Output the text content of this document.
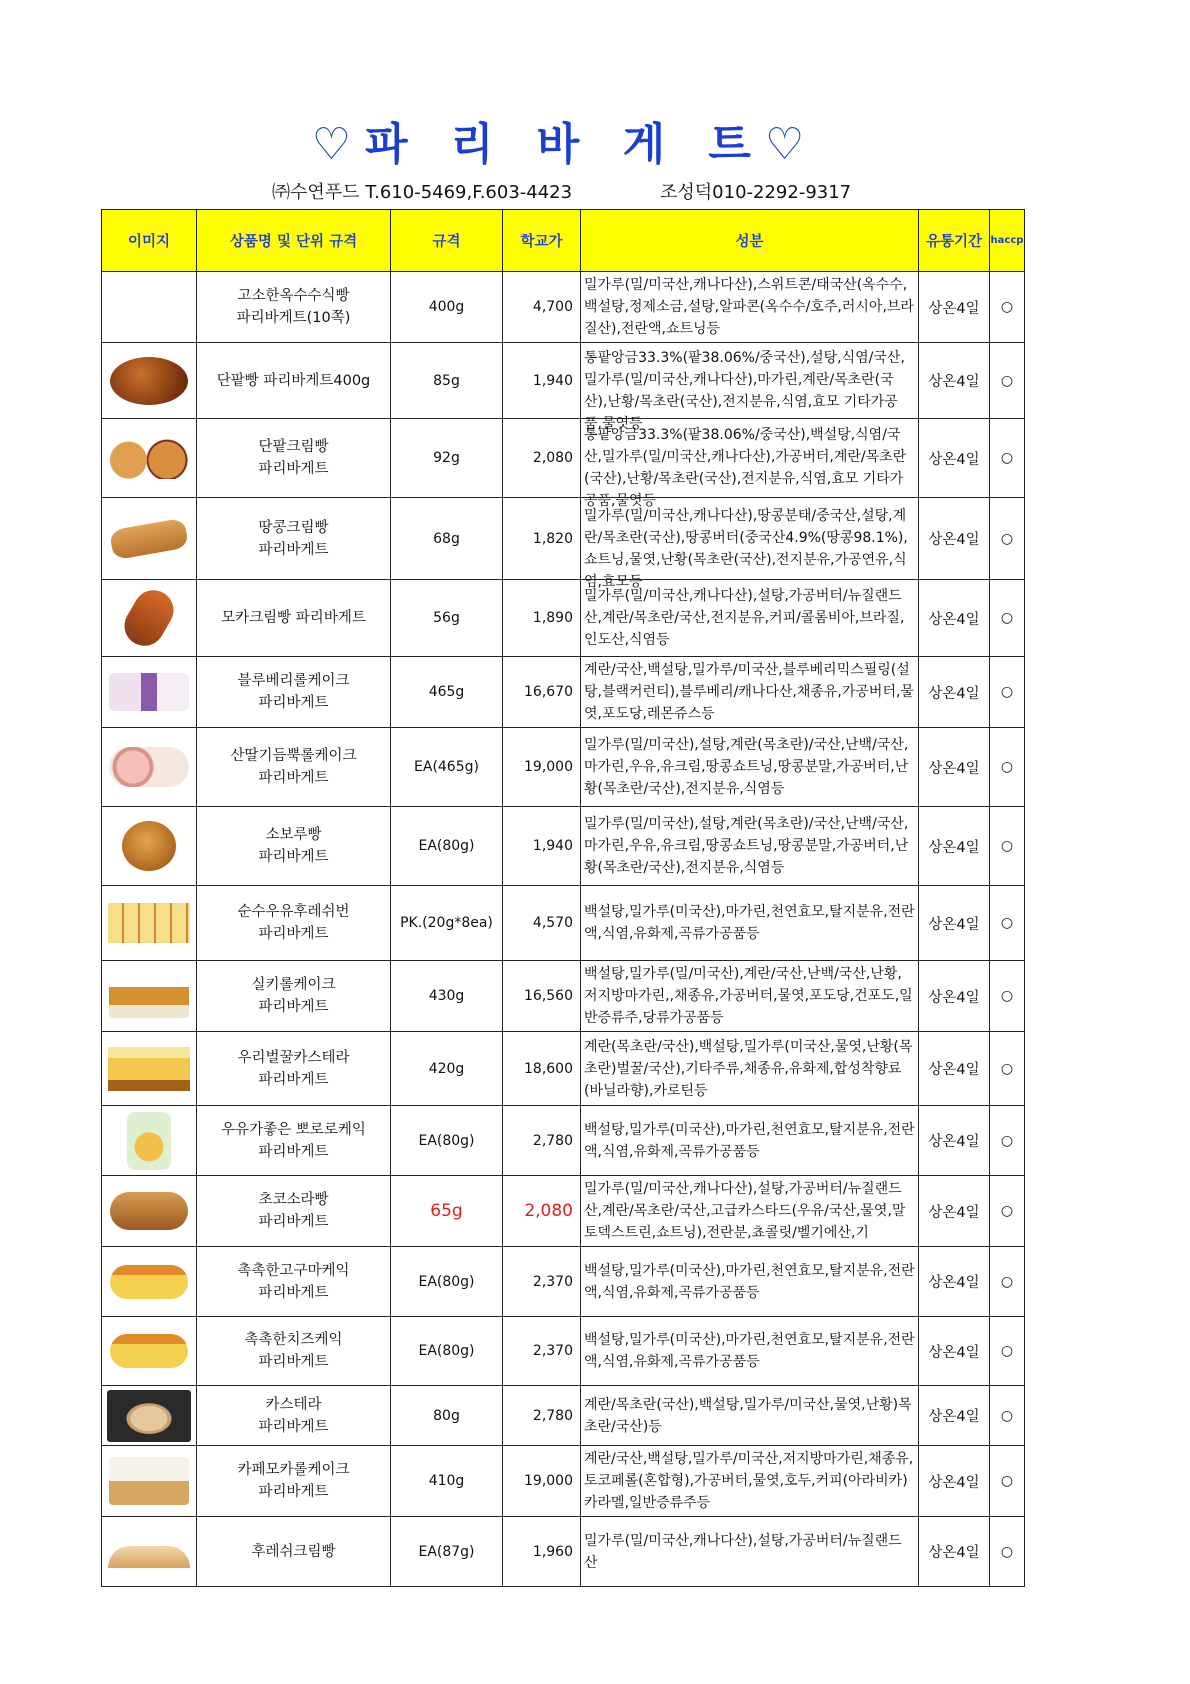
♡파 리 바 게 트♡
㈜수연푸드 T.610-5469,F.603-4423	조성덕010-2292-9317
이미지	상품명 및 단위 규격	규격	학교가	성분	유통기간	haccp
	고소한옥수수식빵
파리바게트(10쪽)	400g	4,700	밀가루(밀/미국산,캐나다산),스위트콘/태국산(옥수수,백설탕,정제소금,설탕,알파콘(옥수수/호주,러시아,브라질산),전란액,쇼트닝등	상온4일	○

	단팥빵 파리바게트400g	85g	1,940	통팥앙금33.3%(팥38.06%/중국산),설탕,식염/국산,밀가루(밀/미국산,캐나다산),마가린,계란/목초란(국산),난황/목초란(국산),전지분유,식염,효모 기타가공품,물엿등	상온4일	○

	단팥크림빵
파리바게트	92g	2,080	통팥앙금33.3%(팥38.06%/중국산),백설탕,식염/국산,밀가루(밀/미국산,캐나다산),가공버터,계란/목초란(국산),난황/목초란(국산),전지분유,식염,효모 기타가공품,물엿등	상온4일	○

	땅콩크림빵
파리바게트	68g	1,820	밀가루(밀/미국산,캐나다산),땅콩분태/중국산,설탕,계란/목초란(국산),땅콩버터(중국산4.9%(땅콩98.1%),쇼트닝,물엿,난황(목초란(국산),전지분유,가공연유,식염,효모등	상온4일	○

	모카크림빵 파리바게트	56g	1,890	밀가루(밀/미국산,캐나다산),설탕,가공버터/뉴질랜드산,계란/목초란/국산,전지분유,커피/콜롬비아,브라질,인도산,식염등	상온4일	○

	블루베리롤케이크
파리바게트	465g	16,670	계란/국산,백설탕,밀가루/미국산,블루베리믹스필링(설탕,블랙커런티),블루베리/캐나다산,채종유,가공버터,물엿,포도당,레몬쥬스등	상온4일	○

	산딸기듬뿍롤케이크
파리바게트	EA(465g)	19,000	밀가루(밀/미국산),설탕,계란(목초란)/국산,난백/국산,마가린,우유,유크림,땅콩쇼트닝,땅콩분말,가공버터,난황(목초란/국산),전지분유,식염등	상온4일	○

	소보루빵
파리바게트	EA(80g)	1,940	밀가루(밀/미국산),설탕,계란(목초란)/국산,난백/국산,마가린,우유,유크림,땅콩쇼트닝,땅콩분말,가공버터,난황(목초란/국산),전지분유,식염등	상온4일	○

	순수우유후레쉬번
파리바게트	PK.(20g*8ea)	4,570	백설탕,밀가루(미국산),마가린,천연효모,탈지분유,전란액,식염,유화제,곡류가공품등	상온4일	○

	실키롤케이크
파리바게트	430g	16,560	백설탕,밀가루(밀/미국산),계란/국산,난백/국산,난황,저지방마가린,,채종유,가공버터,물엿,포도당,건포도,일반증류주,당류가공품등	상온4일	○

	우리벌꿀카스테라
파리바게트	420g	18,600	계란(목초란/국산),백설탕,밀가루(미국산,물엿,난황(목초란)벌꿀/국산),기타주류,채종유,유화제,합성착향료(바닐라향),카로틴등	상온4일	○

	우유가좋은 뽀로로케익
파리바게트	EA(80g)	2,780	백설탕,밀가루(미국산),마가린,천연효모,탈지분유,전란액,식염,유화제,곡류가공품등	상온4일	○

	초코소라빵
파리바게트	65g	2,080	밀가루(밀/미국산,캐나다산),설탕,가공버터/뉴질랜드산,계란/목초란/국산,고급카스타드(우유/국산,물엿,말토덱스트린,쇼트닝),전란분,쵸콜릿/벨기에산,기	상온4일	○

	촉촉한고구마케익
파리바게트	EA(80g)	2,370	백설탕,밀가루(미국산),마가린,천연효모,탈지분유,전란액,식염,유화제,곡류가공품등	상온4일	○

	촉촉한치즈케익
파리바게트	EA(80g)	2,370	백설탕,밀가루(미국산),마가린,천연효모,탈지분유,전란액,식염,유화제,곡류가공품등	상온4일	○

	카스테라
파리바게트	80g	2,780	계란/목초란(국산),백설탕,밀가루/미국산,물엿,난황)목초란/국산)등	상온4일	○

	카페모카롤케이크
파리바게트	410g	19,000	계란/국산,백설탕,밀가루/미국산,저지방마가린,채종유,토코페롤(혼합형),가공버터,물엿,호두,커피(아라비카)카라멜,일반증류주등	상온4일	○

	후레쉬크림빵	EA(87g)	1,960	밀가루(밀/미국산,캐나다산),설탕,가공버터/뉴질랜드산	상온4일	○
